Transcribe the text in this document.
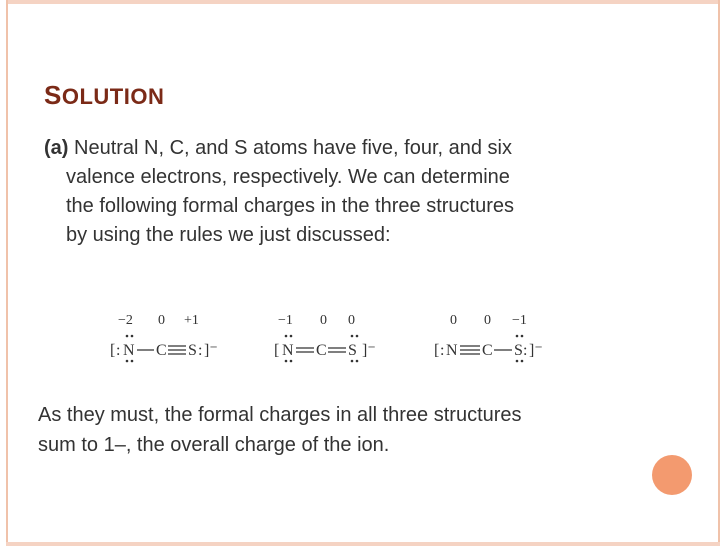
SOLUTION
(a) Neutral N, C, and S atoms have five, four, and six
valence electrons, respectively. We can determine
the following formal charges in the three structures
by using the rules we just discussed:
−2 0 +1
[ : N C S : ]⁻
−1 0 0
[ N C S ]⁻
0 0 −1
[ : N C S : ]⁻
As they must, the formal charges in all three structures
sum to 1–, the overall charge of the ion.
